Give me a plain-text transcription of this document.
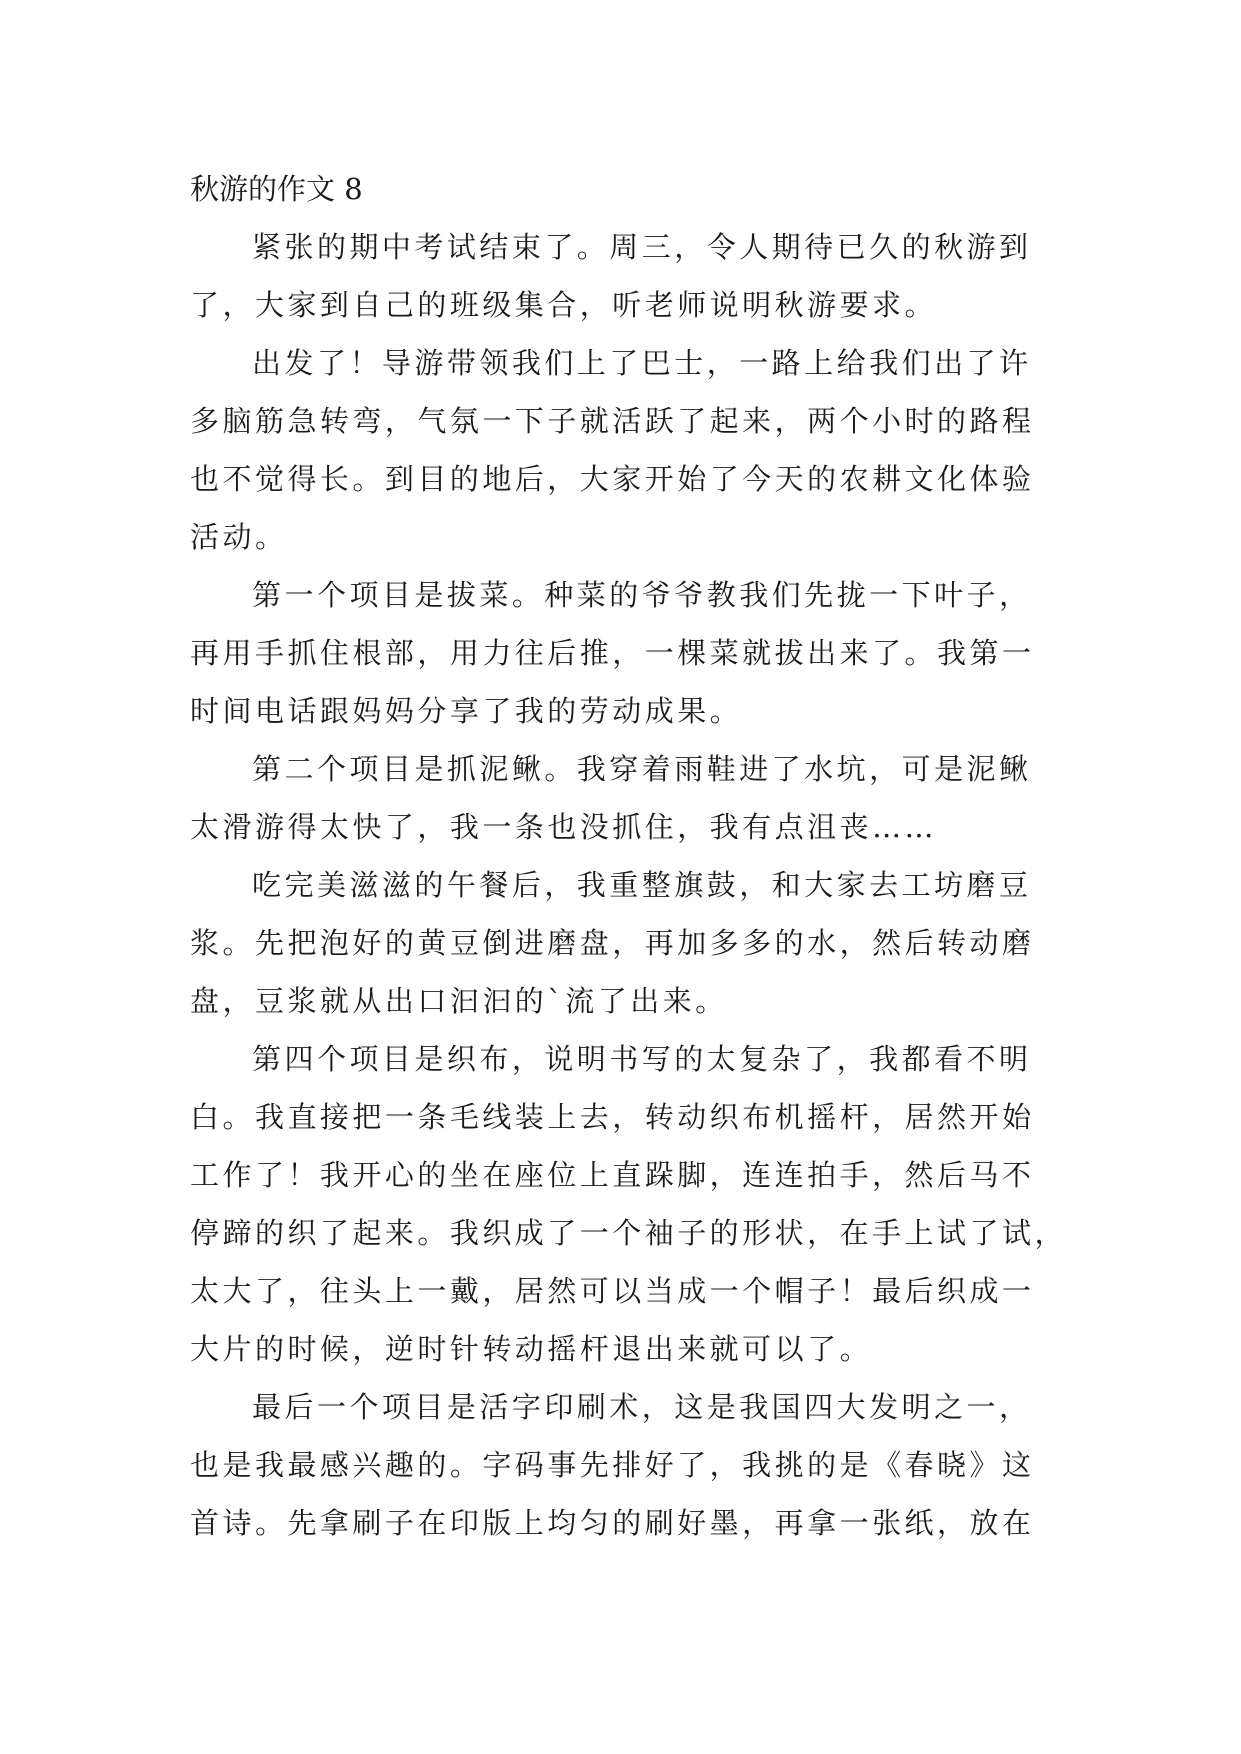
秋游的作文 8

紧张的期中考试结束了。周三，令人期待已久的秋游到

了，大家到自己的班级集合，听老师说明秋游要求。

出发了！导游带领我们上了巴士，一路上给我们出了许

多脑筋急转弯，气氛一下子就活跃了起来，两个小时的路程

也不觉得长。到目的地后，大家开始了今天的农耕文化体验

活动。

第一个项目是拔菜。种菜的爷爷教我们先拢一下叶子，

再用手抓住根部，用力往后推，一棵菜就拔出来了。我第一

时间电话跟妈妈分享了我的劳动成果。

第二个项目是抓泥鳅。我穿着雨鞋进了水坑，可是泥鳅

太滑游得太快了，我一条也没抓住，我有点沮丧……

吃完美滋滋的午餐后，我重整旗鼓，和大家去工坊磨豆

浆。先把泡好的黄豆倒进磨盘，再加多多的水，然后转动磨

盘，豆浆就从出口汩汩的`流了出来。

第四个项目是织布，说明书写的太复杂了，我都看不明

白。我直接把一条毛线装上去，转动织布机摇杆，居然开始

工作了！我开心的坐在座位上直跺脚，连连拍手，然后马不

停蹄的织了起来。我织成了一个袖子的形状，在手上试了试，

太大了，往头上一戴，居然可以当成一个帽子！最后织成一

大片的时候，逆时针转动摇杆退出来就可以了。

最后一个项目是活字印刷术，这是我国四大发明之一，

也是我最感兴趣的。字码事先排好了，我挑的是《春晓》这

首诗。先拿刷子在印版上均匀的刷好墨，再拿一张纸，放在
